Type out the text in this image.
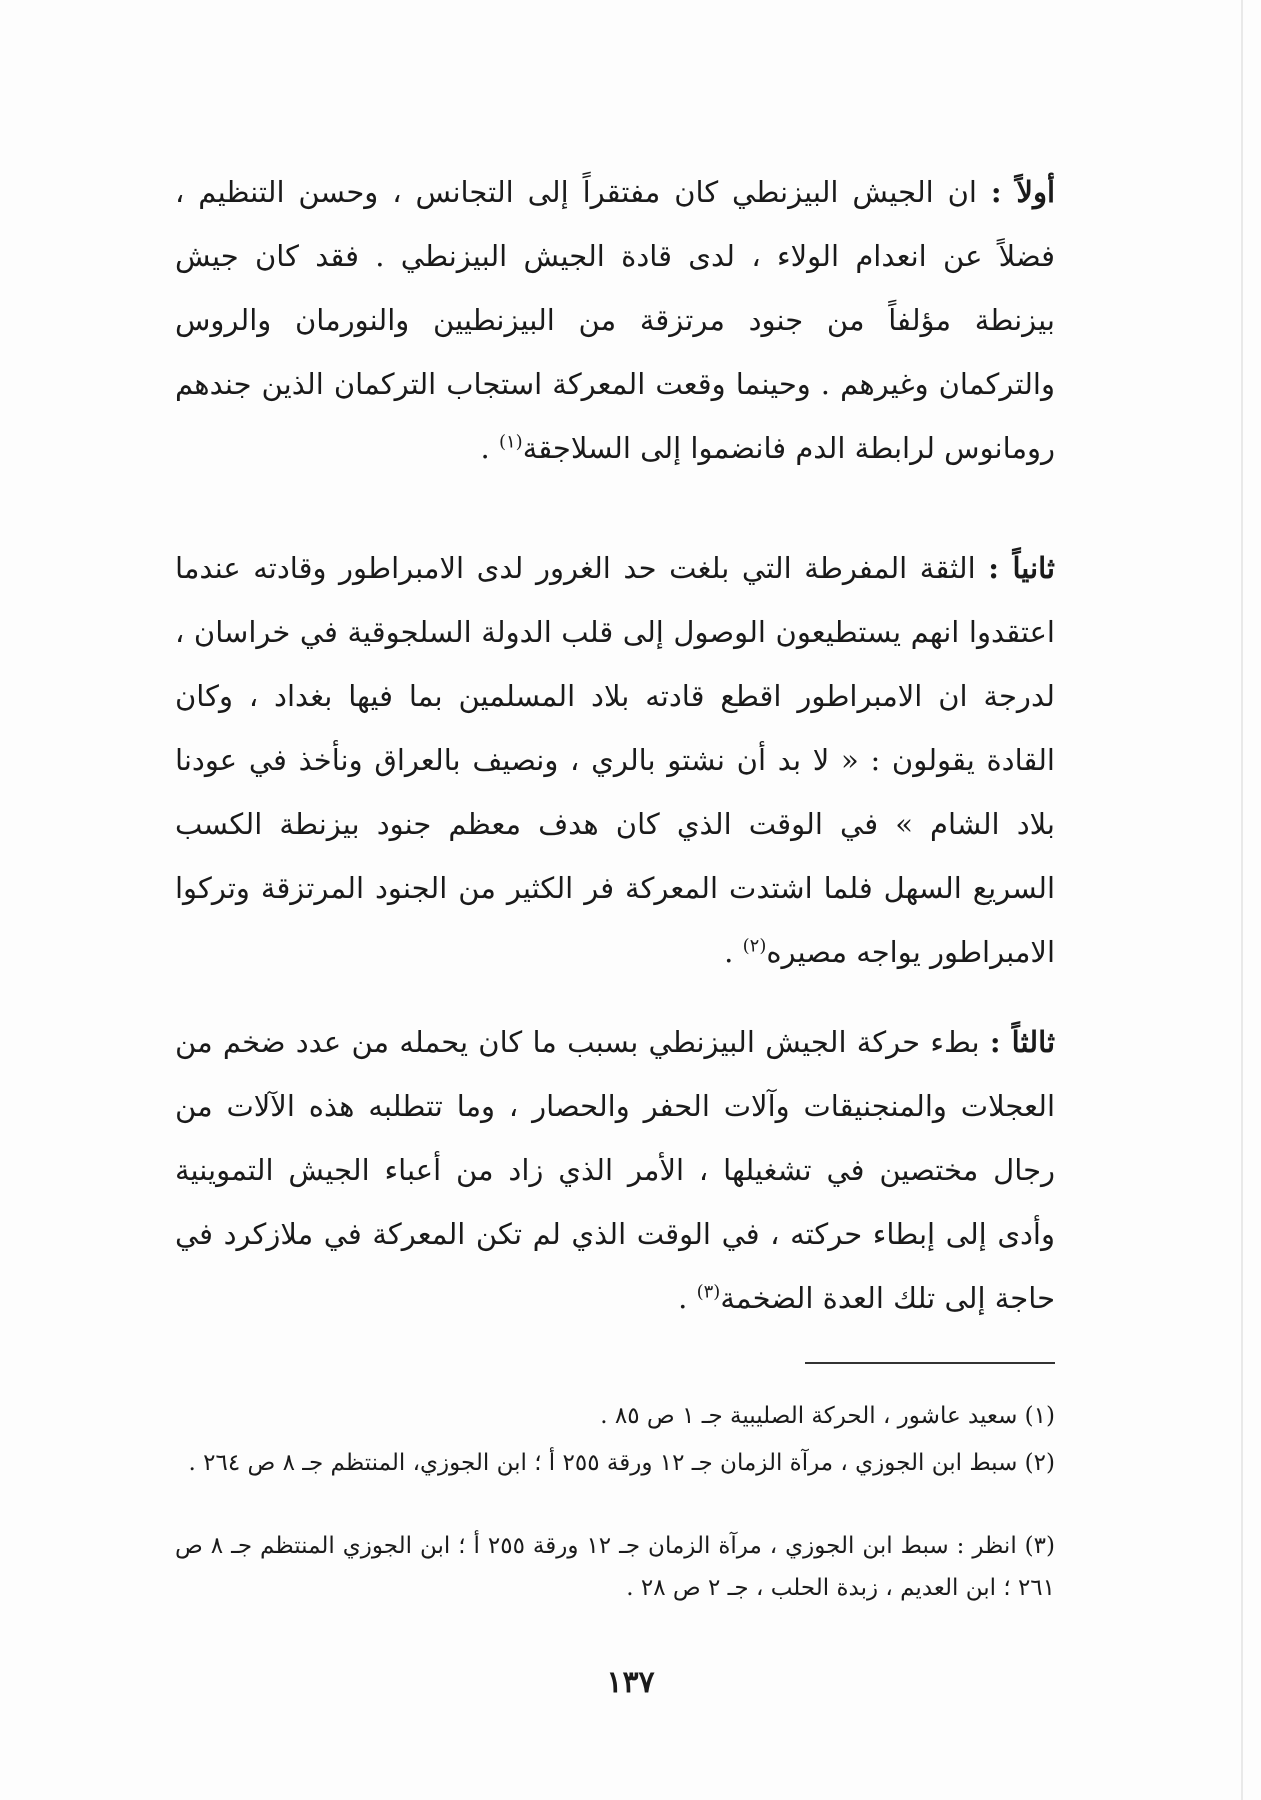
أولاً : ان الجيش البيزنطي كان مفتقراً إلى التجانس ، وحسن التنظيم ، فضلاً عن انعدام الولاء ، لدى قادة الجيش البيزنطي . فقد كان جيش بيزنطة مؤلفاً من جنود مرتزقة من البيزنطيين والنورمان والروس والتركمان وغيرهم . وحينما وقعت المعركة استجاب التركمان الذين جندهم رومانوس لرابطة الدم فانضموا إلى السلاجقة$^{(١)}$ .

ثانياً : الثقة المفرطة التي بلغت حد الغرور لدى الامبراطور وقادته عندما اعتقدوا انهم يستطيعون الوصول إلى قلب الدولة السلجوقية في خراسان ، لدرجة ان الامبراطور اقطع قادته بلاد المسلمين بما فيها بغداد ، وكان القادة يقولون : « لا بد أن نشتو بالري ، ونصيف بالعراق ونأخذ في عودنا بلاد الشام » في الوقت الذي كان هدف معظم جنود بيزنطة الكسب السريع السهل فلما اشتدت المعركة فر الكثير من الجنود المرتزقة وتركوا الامبراطور يواجه مصيره$^{(٢)}$ .

ثالثاً : بطء حركة الجيش البيزنطي بسبب ما كان يحمله من عدد ضخم من العجلات والمنجنيقات وآلات الحفر والحصار ، وما تتطلبه هذه الآلات من رجال مختصين في تشغيلها ، الأمر الذي زاد من أعباء الجيش التموينية وأدى إلى إبطاء حركته ، في الوقت الذي لم تكن المعركة في ملازكرد في حاجة إلى تلك العدة الضخمة$^{(٣)}$ .

(١) سعيد عاشور ، الحركة الصليبية جـ ١ ص ٨٥ .
(٢) سبط ابن الجوزي ، مرآة الزمان جـ ١٢ ورقة ٢٥٥ أ ؛ ابن الجوزي، المنتظم جـ ٨ ص ٢٦٤ .
(٣) انظر : سبط ابن الجوزي ، مرآة الزمان جـ ١٢ ورقة ٢٥٥ أ ؛ ابن الجوزي المنتظم جـ ٨ ص ٢٦١ ؛ ابن العديم ، زبدة الحلب ، جـ ٢ ص ٢٨ .
١٣٧
